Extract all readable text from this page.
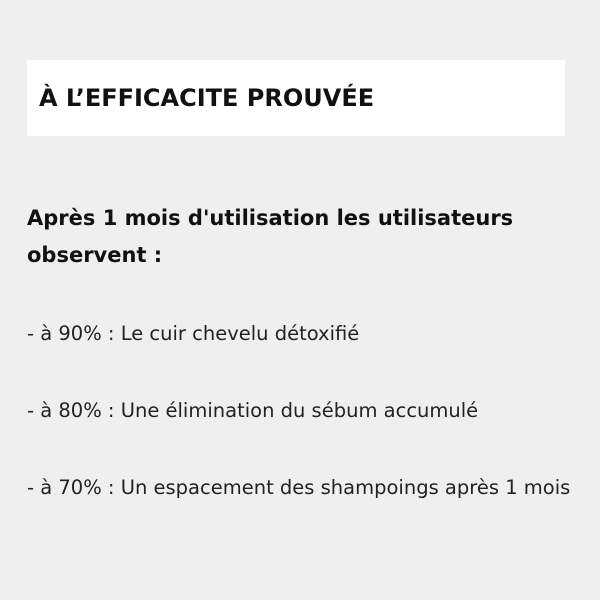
À L’EFFICACITE PROUVÉE

Après 1 mois d'utilisation les utilisateurs observent :

- à 90% : Le cuir chevelu détoxifié
- à 80% : Une élimination du sébum accumulé
- à 70% : Un espacement des shampoings après 1 mois
